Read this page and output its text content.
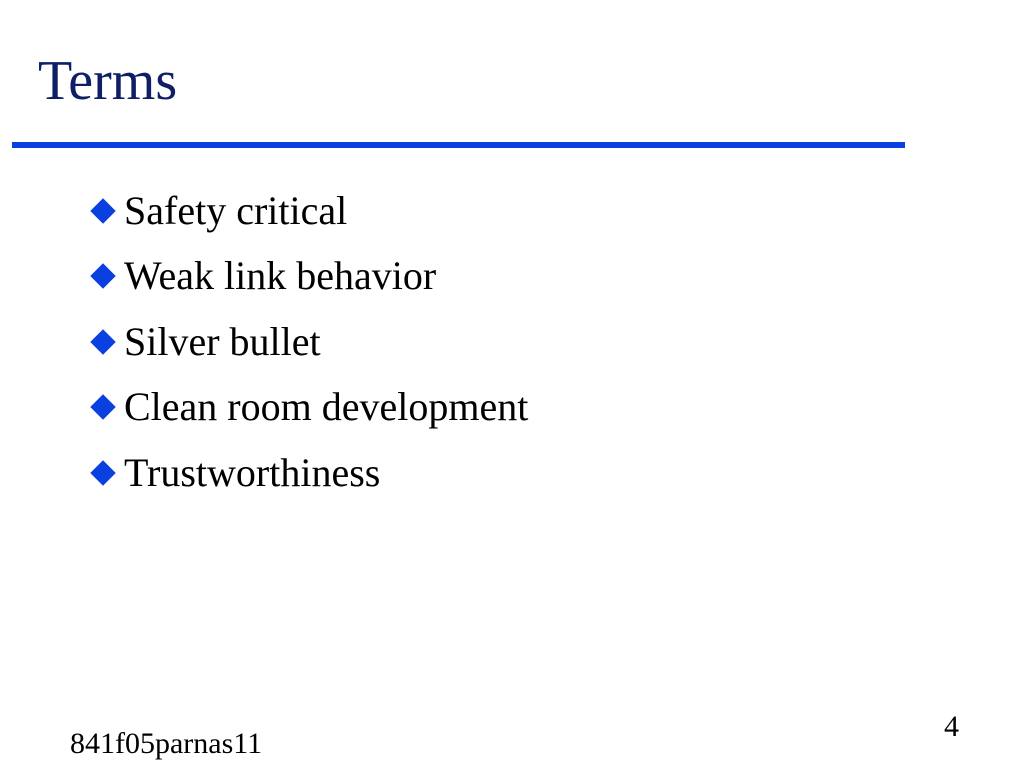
Terms
Safety critical
Weak link behavior
Silver bullet
Clean room development
Trustworthiness
841f05parnas11
4
